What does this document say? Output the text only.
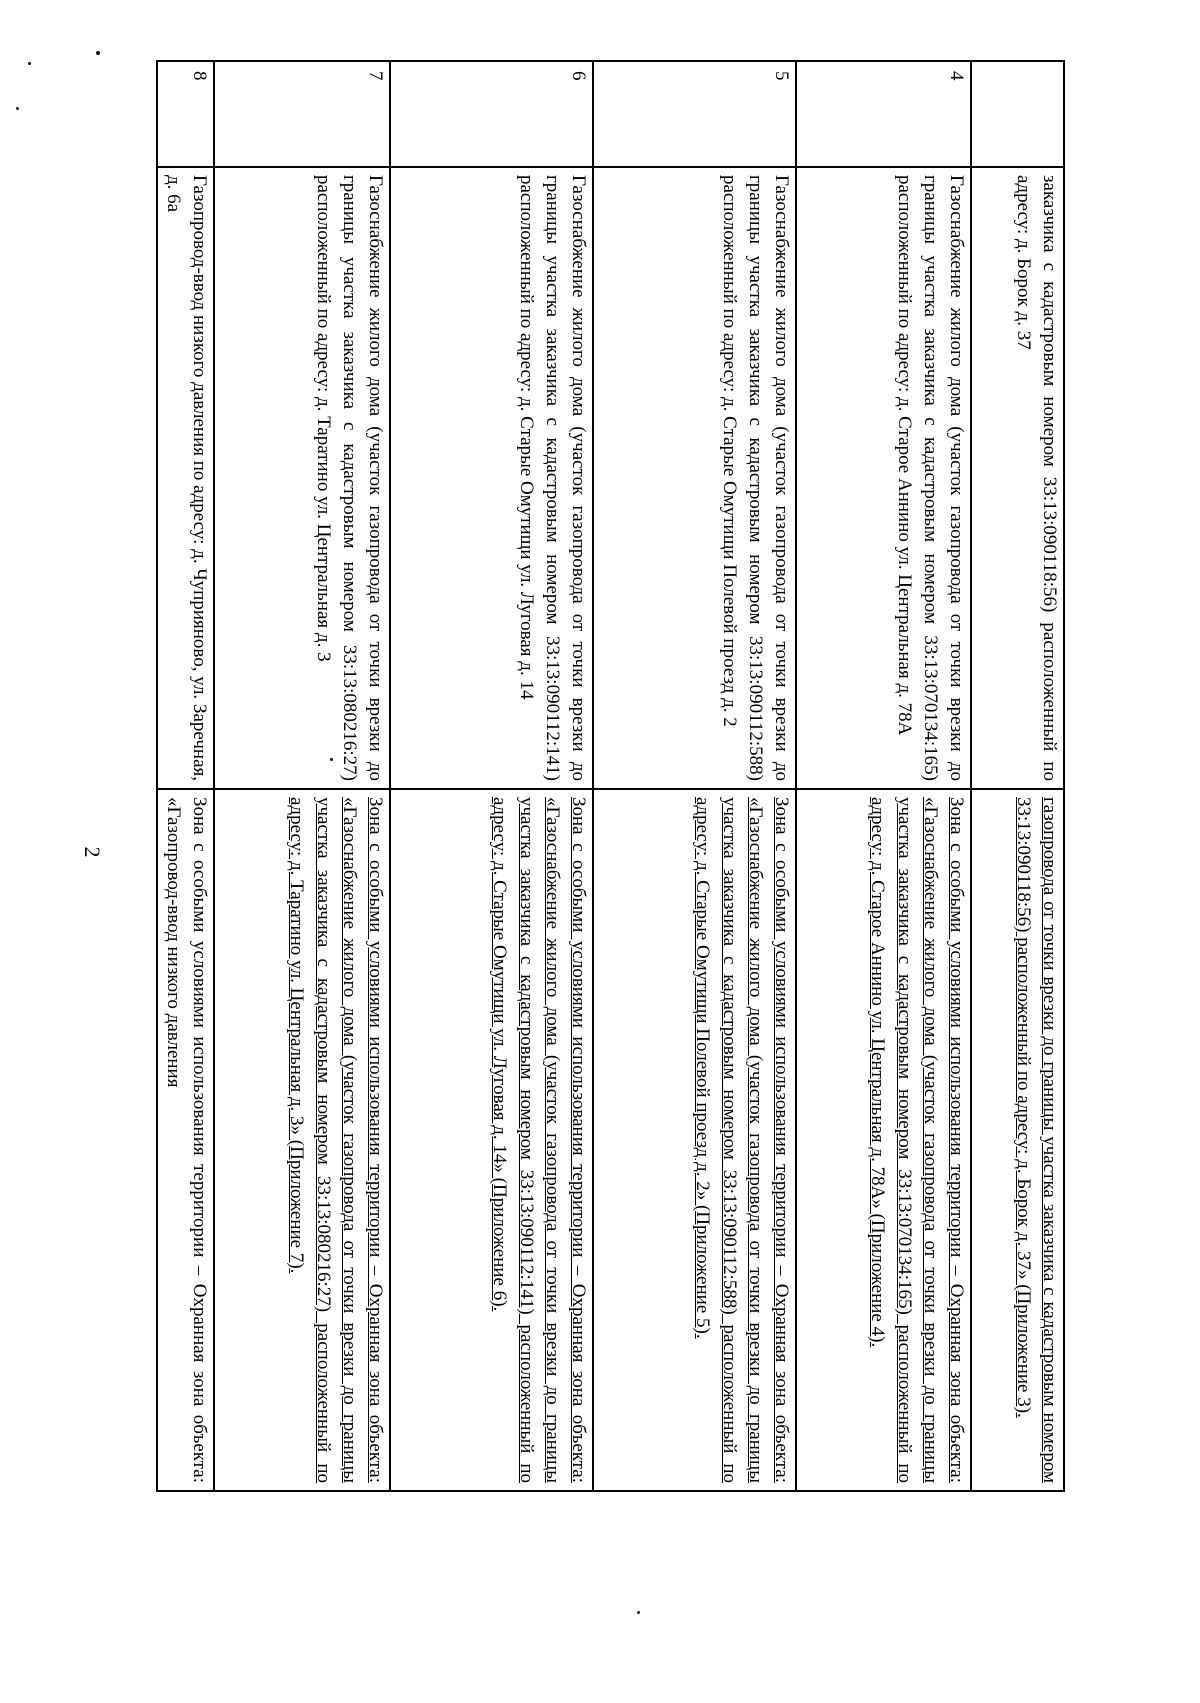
2
	заказчика с кадастровым номером 33:13:090118:56) расположенный по адресу: д. Борок д. 37	газопровода от точки врезки до границы участка заказчика с кадастровым номером 33:13:090118:56) расположенный по адресу: д. Борок д. 37» (Приложение 3).
4	Газоснабжение жилого дома (участок газопровода от точки врезки до границы участка заказчика с кадастровым номером 33:13:070134:165) расположенный по адресу: д. Старое Аннино ул. Центральная д. 78А	Зона с особыми условиями использования территории – Охранная зона объекта: «Газоснабжение жилого дома (участок газопровода от точки врезки до границы участка заказчика с кадастровым номером 33:13:070134:165) расположенный по адресу: д. Старое Аннино ул. Центральная д. 78А» (Приложение 4).
5	Газоснабжение жилого дома (участок газопровода от точки врезки до границы участка заказчика с кадастровым номером 33:13:090112:588) расположенный по адресу: д. Старые Омутищи Полевой проезд д. 2	Зона с особыми условиями использования территории – Охранная зона объекта: «Газоснабжение жилого дома (участок газопровода от точки врезки до границы участка заказчика с кадастровым номером 33:13:090112:588) расположенный по адресу: д. Старые Омутищи Полевой проезд д. 2» (Приложение 5).
6	Газоснабжение жилого дома (участок газопровода от точки врезки до границы участка заказчика с кадастровым номером 33:13:090112:141) расположенный по адресу: д. Старые Омутищи ул. Луговая д. 14	Зона с особыми условиями использования территории – Охранная зона объекта: «Газоснабжение жилого дома (участок газопровода от точки врезки до границы участка заказчика с кадастровым номером 33:13:090112:141) расположенный по адресу: д. Старые Омутищи ул. Луговая д. 14» (Приложение 6).
7	Газоснабжение жилого дома (участок газопровода от точки врезки до границы участка заказчика с кадастровым номером 33:13:080216:27) расположенный по адресу: д. Таратино ул. Центральная д. 3	Зона с особыми условиями использования территории – Охранная зона объекта: «Газоснабжение жилого дома (участок газопровода от точки врезки до границы участка заказчика с кадастровым номером 33:13:080216:27) расположенный по адресу: д. Таратино ул. Центральная д. 3» (Приложение 7).
8	Газопровод-ввод низкого давления по адресу: д. Чуприяново, ул. Заречная, д. 6а	Зона с особыми условиями использования территории – Охранная зона объекта: «Газопровод-ввод низкого давления
